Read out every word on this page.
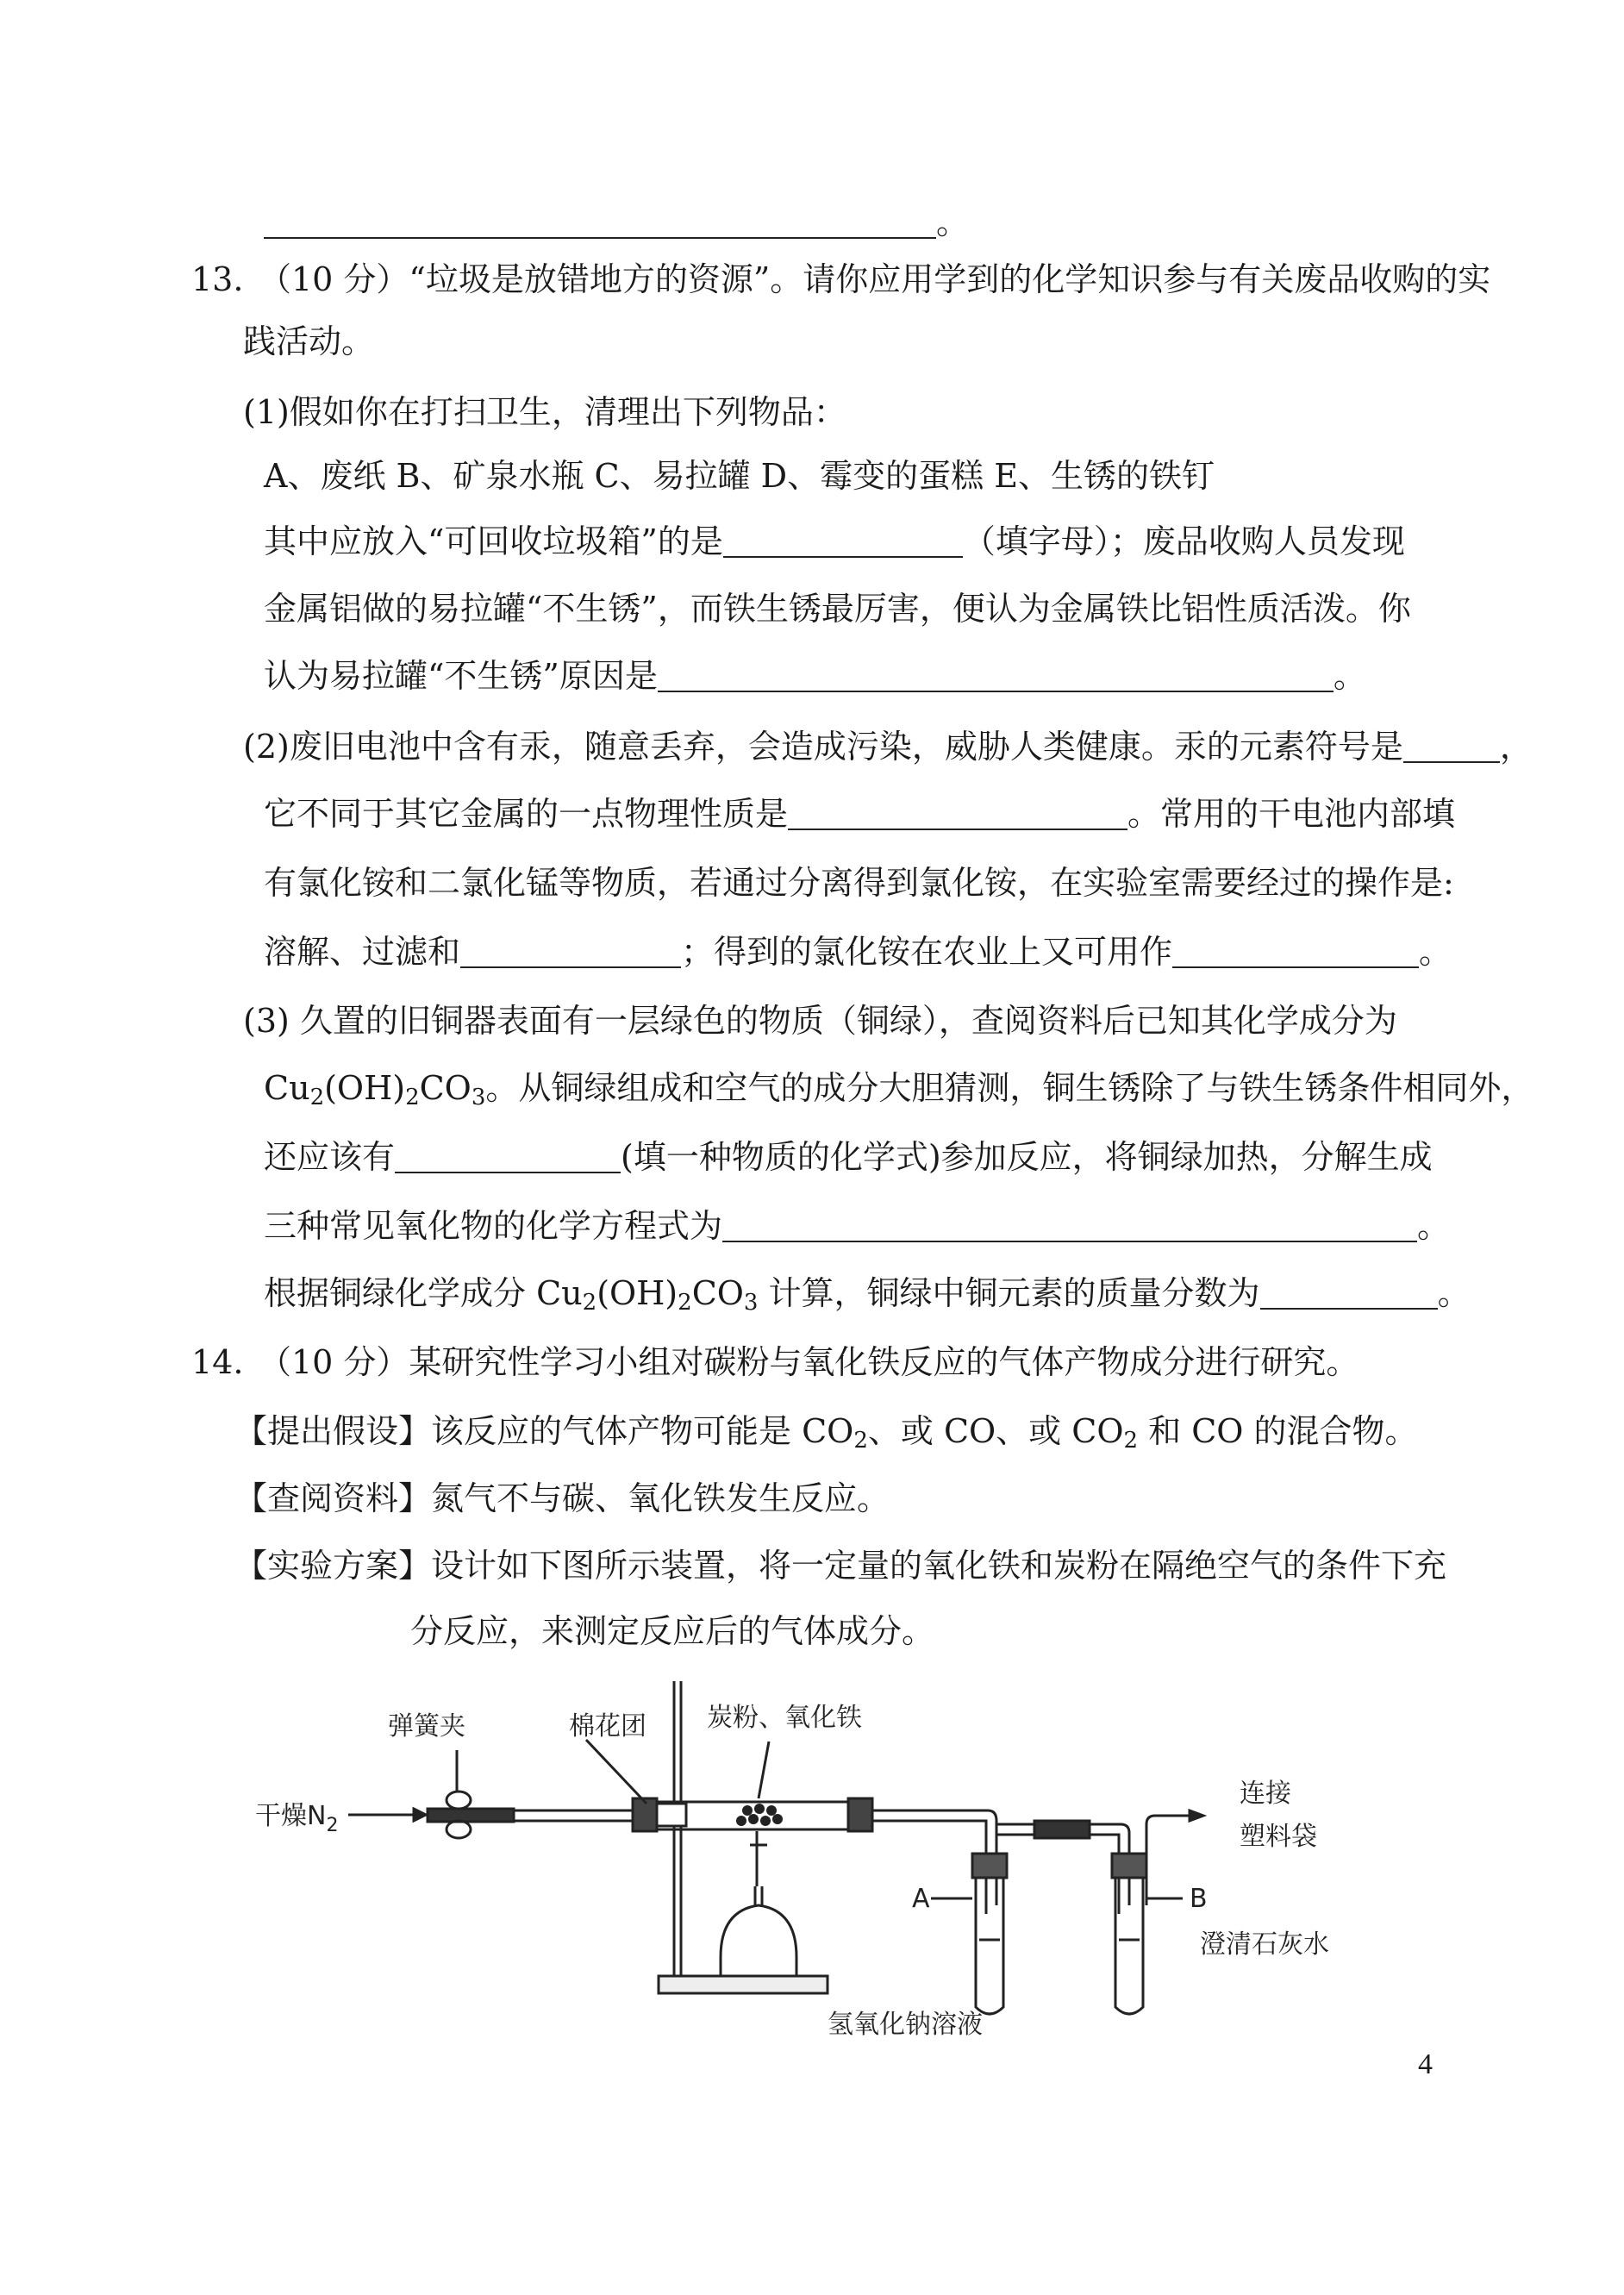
。
13. （10 分）“垃圾是放错地方的资源”。请你应用学到的化学知识参与有关废品收购的实
践活动。
(1)假如你在打扫卫生，清理出下列物品：
A、废纸 B、矿泉水瓶 C、易拉罐 D、霉变的蛋糕 E、生锈的铁钉
其中应放入“可回收垃圾箱”的是	（填字母）；废品收购人员发现
金属铝做的易拉罐“不生锈”，而铁生锈最厉害，便认为金属铁比铝性质活泼。你
认为易拉罐“不生锈”原因是	。
(2)废旧电池中含有汞，随意丢弃，会造成污染，威胁人类健康。汞的元素符号是	，
它不同于其它金属的一点物理性质是	。常用的干电池内部填
有氯化铵和二氯化锰等物质，若通过分离得到氯化铵，在实验室需要经过的操作是:
溶解、过滤和	；得到的氯化铵在农业上又可用作	。
(3) 久置的旧铜器表面有一层绿色的物质（铜绿），查阅资料后已知其化学成分为
$Cu_2(OH)_2CO_3$。从铜绿组成和空气的成分大胆猜测，铜生锈除了与铁生锈条件相同外，
还应该有	(填一种物质的化学式)参加反应，将铜绿加热，分解生成
三种常见氧化物的化学方程式为	。
根据铜绿化学成分 $Cu_2(OH)_2CO_3$ 计算，铜绿中铜元素的质量分数为	。
14. （10 分）某研究性学习小组对碳粉与氧化铁反应的气体产物成分进行研究。
【提出假设】该反应的气体产物可能是 $CO_2$、或 CO、或 $CO_2$ 和 CO 的混合物。
【查阅资料】氮气不与碳、氧化铁发生反应。
【实验方案】设计如下图所示装置，将一定量的氧化铁和炭粉在隔绝空气的条件下充
分反应，来测定反应后的气体成分。
弹簧夹	棉花团 炭粉、氧化铁
干燥$N_2$
连接
塑料袋
A	B
氢氧化钠溶液
澄清石灰水
4
